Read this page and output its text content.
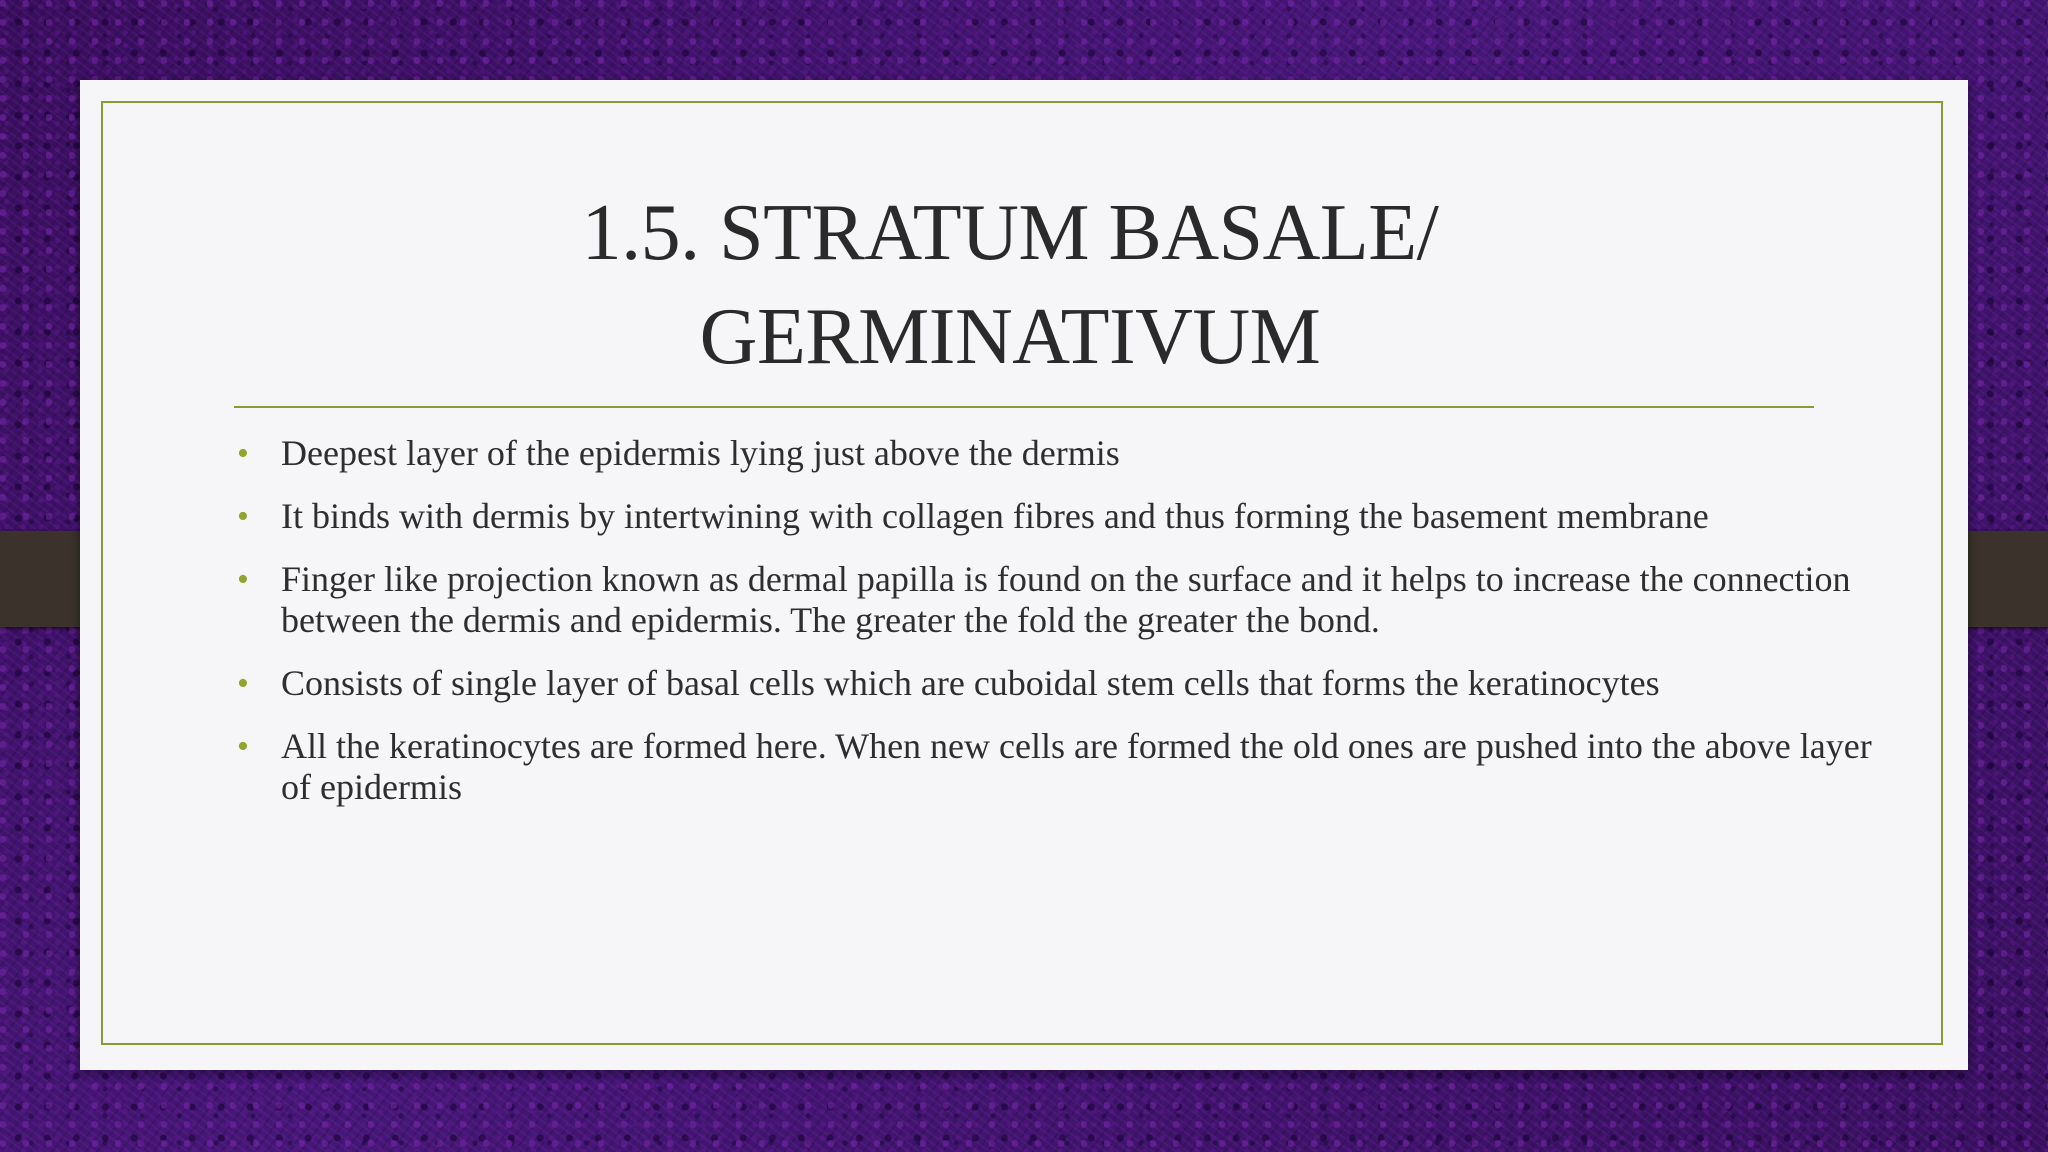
1.5. STRATUM BASALE/
GERMINATIVUM
• Deepest layer of the epidermis lying just above the dermis
• It binds with dermis by intertwining with collagen fibres and thus forming the basement membrane
• Finger like projection known as dermal papilla is found on the surface and it helps to increase the connection between the dermis and epidermis. The greater the fold the greater the bond.
• Consists of single layer of basal cells which are cuboidal stem cells that forms the keratinocytes
• All the keratinocytes are formed here. When new cells are formed the old ones are pushed into the above layer of epidermis
